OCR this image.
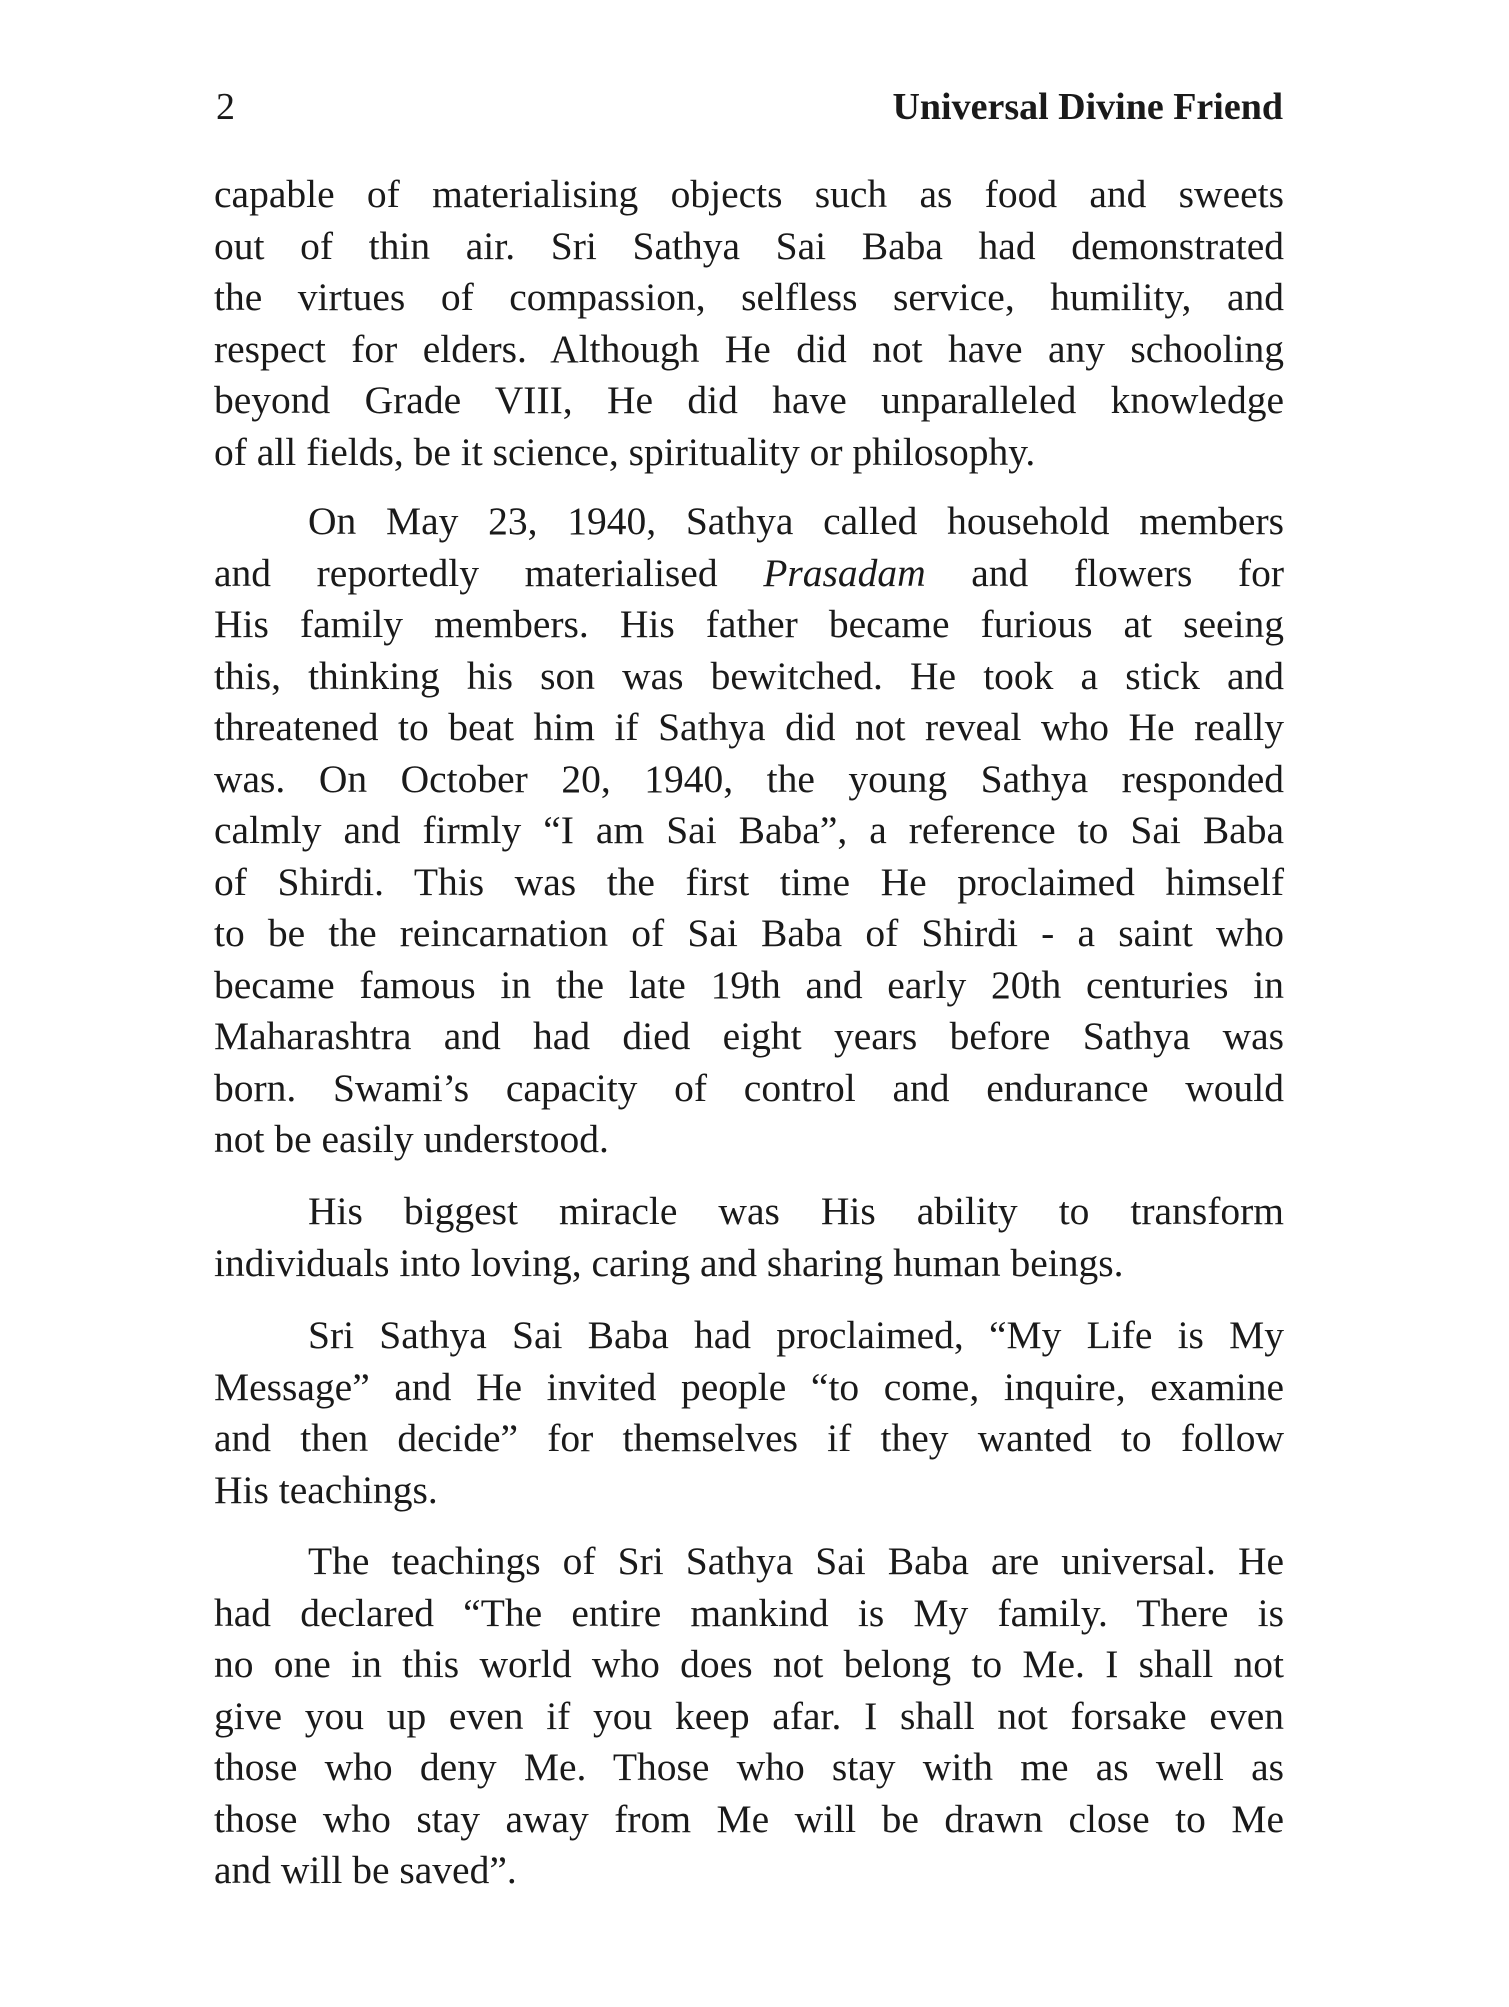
2	Universal Divine Friend
capable of materialising objects such as food and sweets
out of thin air. Sri Sathya Sai Baba had demonstrated
the virtues of compassion, selfless service, humility, and
respect for elders. Although He did not have any schooling
beyond Grade VIII, He did have unparalleled knowledge
of all fields, be it science, spirituality or philosophy.
On May 23, 1940, Sathya called household members
and reportedly materialised Prasadam and flowers for
His family members. His father became furious at seeing
this, thinking his son was bewitched. He took a stick and
threatened to beat him if Sathya did not reveal who He really
was. On October 20, 1940, the young Sathya responded
calmly and firmly “I am Sai Baba”, a reference to Sai Baba
of Shirdi. This was the first time He proclaimed himself
to be the reincarnation of Sai Baba of Shirdi - a saint who
became famous in the late 19th and early 20th centuries in
Maharashtra and had died eight years before Sathya was
born. Swami’s capacity of control and endurance would
not be easily understood.
His biggest miracle was His ability to transform
individuals into loving, caring and sharing human beings.
Sri Sathya Sai Baba had proclaimed, “My Life is My
Message” and He invited people “to come, inquire, examine
and then decide” for themselves if they wanted to follow
His teachings.
The teachings of Sri Sathya Sai Baba are universal. He
had declared “The entire mankind is My family. There is
no one in this world who does not belong to Me. I shall not
give you up even if you keep afar. I shall not forsake even
those who deny Me. Those who stay with me as well as
those who stay away from Me will be drawn close to Me
and will be saved”.
